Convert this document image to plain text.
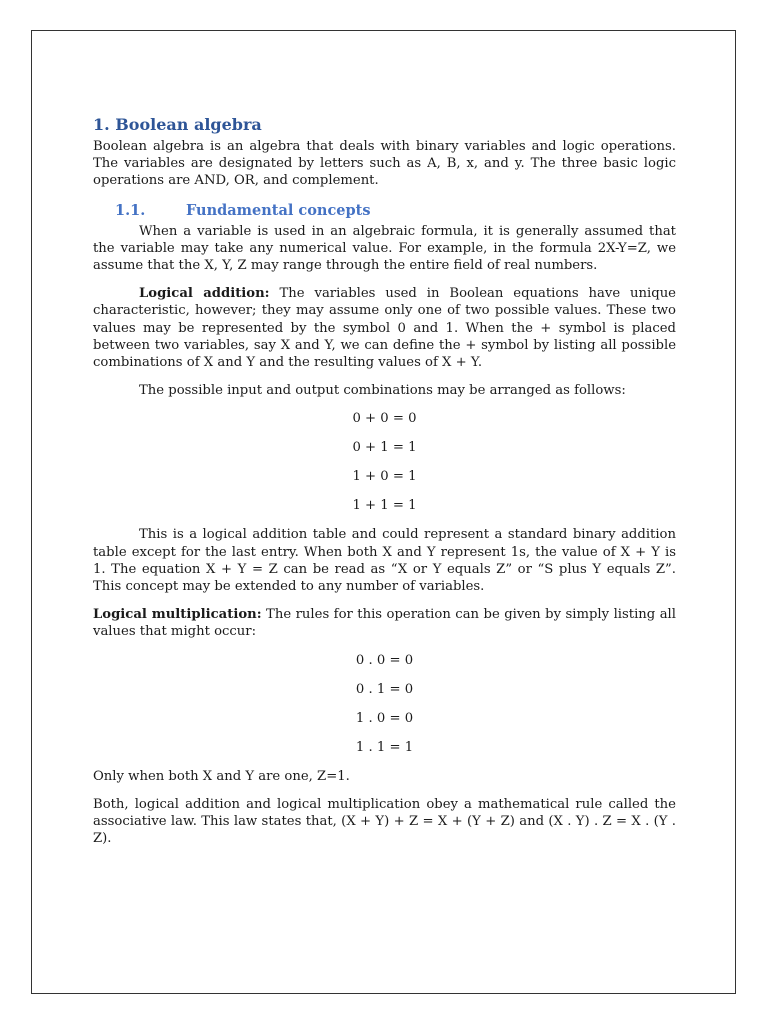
1. Boolean algebra

Boolean algebra is an algebra that deals with binary variables and logic operations. The variables are designated by letters such as A, B, x, and y. The three basic logic operations are AND, OR, and complement.

1.1.	Fundamental concepts

When a variable is used in an algebraic formula, it is generally assumed that the variable may take any numerical value. For example, in the formula 2X-Y=Z, we assume that the X, Y, Z may range through the entire field of real numbers.

Logical addition: The variables used in Boolean equations have unique characteristic, however; they may assume only one of two possible values. These two values may be represented by the symbol 0 and 1. When the + symbol is placed between two variables, say X and Y, we can define the + symbol by listing all possible combinations of X and Y and the resulting values of X + Y.

The possible input and output combinations may be arranged as follows:

0 + 0 = 0
0 + 1 = 1
1 + 0 = 1
1 + 1 = 1

This is a logical addition table and could represent a standard binary addition table except for the last entry. When both X and Y represent 1s, the value of X + Y is 1. The equation X + Y = Z can be read as “X or Y equals Z” or “S plus Y equals Z”. This concept may be extended to any number of variables.

Logical multiplication: The rules for this operation can be given by simply listing all values that might occur:

0 . 0 = 0
0 . 1 = 0
1 . 0 = 0
1 . 1 = 1

Only when both X and Y are one, Z=1.

Both, logical addition and logical multiplication obey a mathematical rule called the associative law. This law states that, (X + Y) + Z = X + (Y + Z) and (X . Y) . Z = X . (Y . Z).
